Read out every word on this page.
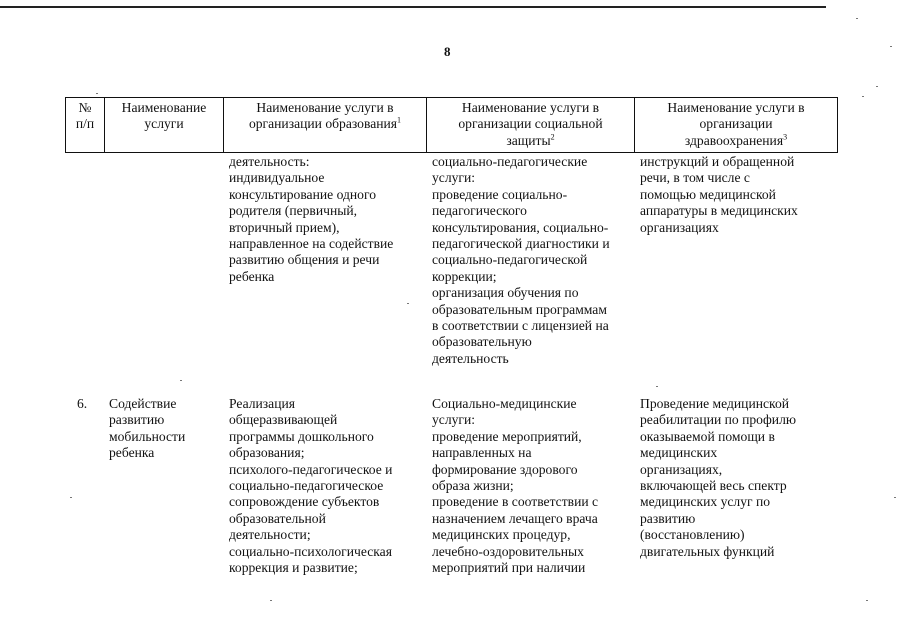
8
№
п/п
Наименование
услуги
Наименование услуги в
организации образования$^1$
Наименование услуги в
организации социальной
защиты$^2$
Наименование услуги в
организации
здравоохранения$^3$
деятельность:
индивидуальное
консультирование одного
родителя (первичный,
вторичный прием),
направленное на содействие
развитию общения и речи
ребенка
социально-педагогические
услуги:
проведение социально-
педагогического
консультирования, социально-
педагогической диагностики и
социально-педагогической
коррекции;
организация обучения по
образовательным программам
в соответствии с лицензией на
образовательную
деятельность
инструкций и обращенной
речи, в том числе с
помощью медицинской
аппаратуры в медицинских
организациях
6.	Содействие
развитию
мобильности
ребенка
Реализация
общеразвивающей
программы дошкольного
образования;
психолого-педагогическое и
социально-педагогическое
сопровождение субъектов
образовательной
деятельности;
социально-психологическая
коррекция и развитие;
Социально-медицинские
услуги:
проведение мероприятий,
направленных на
формирование здорового
образа жизни;
проведение в соответствии с
назначением лечащего врача
медицинских процедур,
лечебно-оздоровительных
мероприятий при наличии
Проведение медицинской
реабилитации по профилю
оказываемой помощи в
медицинских
организациях,
включающей весь спектр
медицинских услуг по
развитию
(восстановлению)
двигательных функций
